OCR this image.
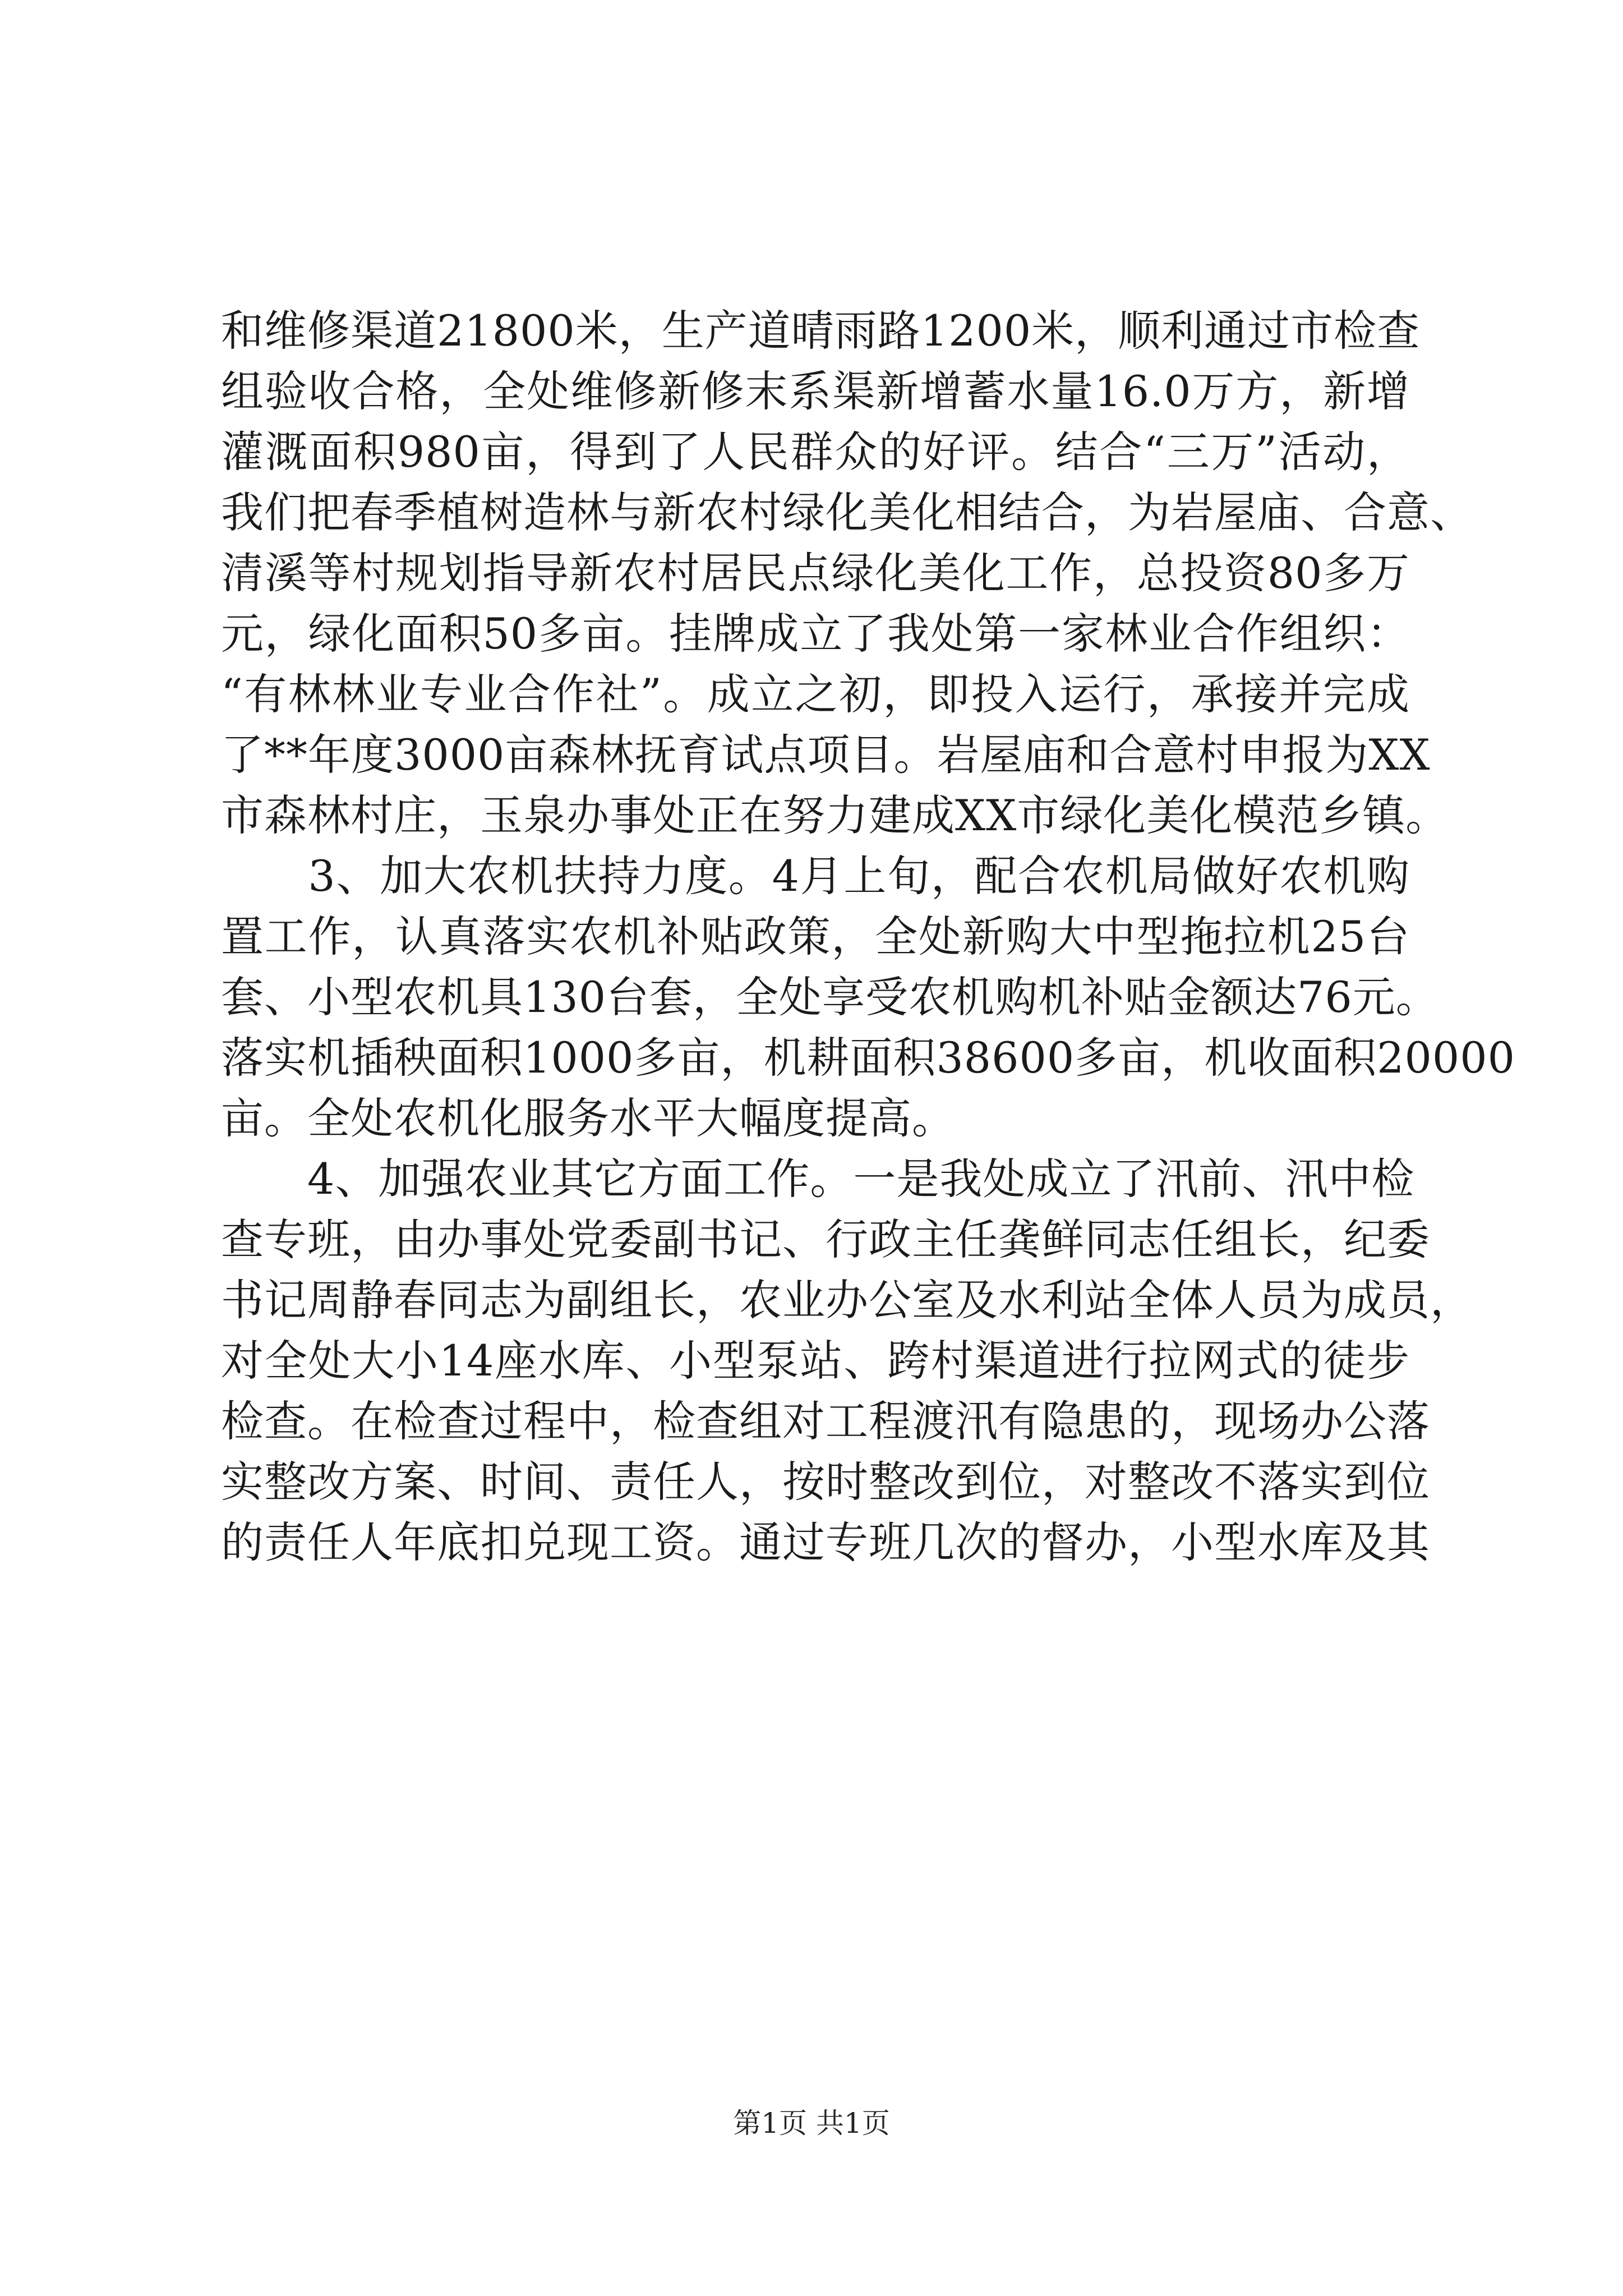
和维修渠道21800米，生产道晴雨路1200米，顺利通过市检查
组验收合格，全处维修新修末系渠新增蓄水量16.0万方，新增
灌溉面积980亩，得到了人民群众的好评。结合“三万”活动，
我们把春季植树造林与新农村绿化美化相结合，为岩屋庙、合意、
清溪等村规划指导新农村居民点绿化美化工作，总投资80多万
元，绿化面积50多亩。挂牌成立了我处第一家林业合作组织：
“有林林业专业合作社”。成立之初，即投入运行，承接并完成
了**年度3000亩森林抚育试点项目。岩屋庙和合意村申报为XX
市森林村庄，玉泉办事处正在努力建成XX市绿化美化模范乡镇。
　　3、加大农机扶持力度。4月上旬，配合农机局做好农机购
置工作，认真落实农机补贴政策，全处新购大中型拖拉机25台
套、小型农机具130台套，全处享受农机购机补贴金额达76元。
落实机插秧面积1000多亩，机耕面积38600多亩，机收面积20000
亩。全处农机化服务水平大幅度提高。
　　4、加强农业其它方面工作。一是我处成立了汛前、汛中检
查专班，由办事处党委副书记、行政主任龚鲜同志任组长，纪委
书记周静春同志为副组长，农业办公室及水利站全体人员为成员，
对全处大小14座水库、小型泵站、跨村渠道进行拉网式的徒步
检查。在检查过程中，检查组对工程渡汛有隐患的，现场办公落
实整改方案、时间、责任人，按时整改到位，对整改不落实到位
的责任人年底扣兑现工资。通过专班几次的督办，小型水库及其
第1页 共1页
